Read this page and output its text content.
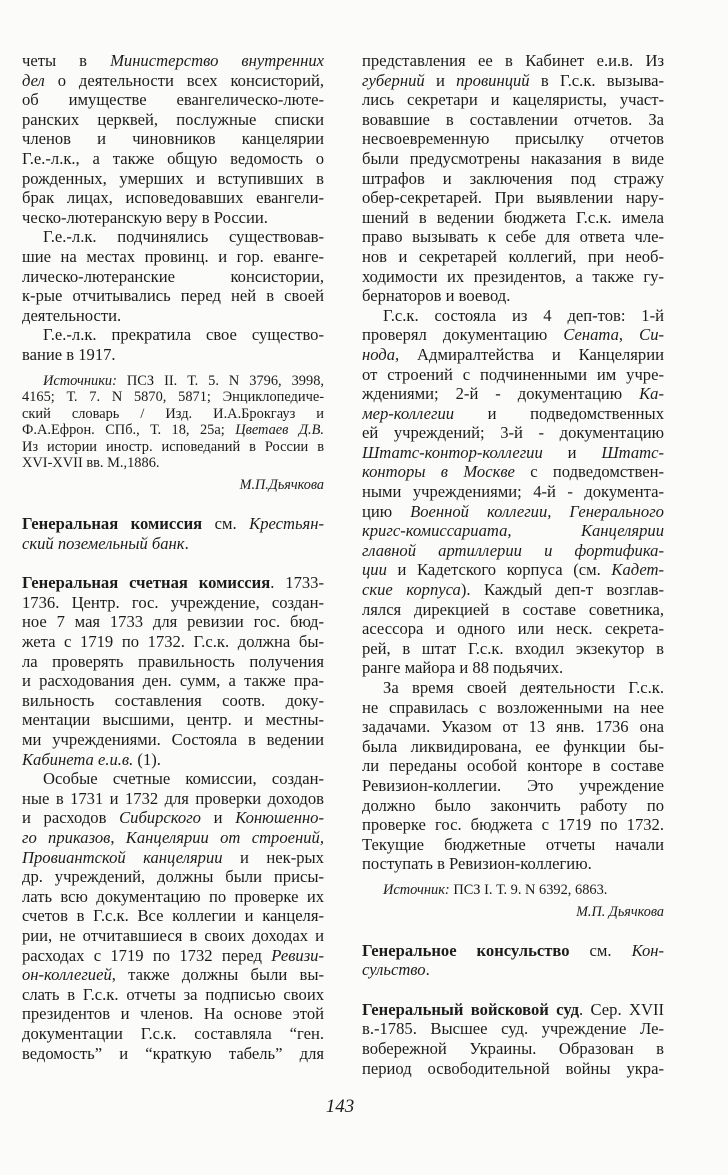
четы в Министерство внутренних
дел о деятельности всех консисторий,
об имуществе евангелическо-люте-
ранских церквей, послужные списки
членов и чиновников канцелярии
Г.е.-л.к., а также общую ведомость о
рожденных, умерших и вступивших в
брак лицах, исповедовавших евангели-
ческо-лютеранскую веру в России.
Г.е.-л.к. подчинялись существовав-
шие на местах провинц. и гор. еванге-
лическо-лютеранские консистории,
к-рые отчитывались перед ней в своей
деятельности.
Г.е.-л.к. прекратила свое существо-
вание в 1917.
Источники: ПСЗ II. Т. 5. N 3796, 3998,
4165; Т. 7. N 5870, 5871; Энциклопедиче-
ский словарь / Изд. И.А.Брокгауз и
Ф.А.Ефрон. СПб., Т. 18, 25а; Цветаев Д.В.
Из истории иностр. исповеданий в России в
XVI-XVII вв. М.,1886.
М.П.Дьячкова
Генеральная комиссия см. Крестьян-
ский поземельный банк.
Генеральная счетная комиссия. 1733-
1736. Центр. гос. учреждение, создан-
ное 7 мая 1733 для ревизии гос. бюд-
жета с 1719 по 1732. Г.с.к. должна бы-
ла проверять правильность получения
и расходования ден. сумм, а также пра-
вильность составления соотв. доку-
ментации высшими, центр. и местны-
ми учреждениями. Состояла в ведении
Кабинета е.и.в. (1).
Особые счетные комиссии, создан-
ные в 1731 и 1732 для проверки доходов
и расходов Сибирского и Конюшенно-
го приказов, Канцелярии от строений,
Провиантской канцелярии и нек-рых
др. учреждений, должны были присы-
лать всю документацию по проверке их
счетов в Г.с.к. Все коллегии и канцеля-
рии, не отчитавшиеся в своих доходах и
расходах с 1719 по 1732 перед Ревизи-
он-коллегией, также должны были вы-
слать в Г.с.к. отчеты за подписью своих
президентов и членов. На основе этой
документации Г.с.к. составляла “ген.
ведомость” и “краткую табель” для
представления ее в Кабинет е.и.в. Из
губерний и провинций в Г.с.к. вызыва-
лись секретари и кацеляристы, участ-
вовавшие в составлении отчетов. За
несвоевременную присылку отчетов
были предусмотрены наказания в виде
штрафов и заключения под стражу
обер-секретарей. При выявлении нару-
шений в ведении бюджета Г.с.к. имела
право вызывать к себе для ответа чле-
нов и секретарей коллегий, при необ-
ходимости их президентов, а также гу-
бернаторов и воевод.
Г.с.к. состояла из 4 деп-тов: 1-й
проверял документацию Сената, Си-
нода, Адмиралтейства и Канцелярии
от строений с подчиненными им учре-
ждениями; 2-й - документацию Ка-
мер-коллегии и подведомственных
ей учреждений; 3-й - документацию
Штатс-контор-коллегии и Штатс-
конторы в Москве с подведомствен-
ными учреждениями; 4-й - документа-
цию Военной коллегии, Генерального
кригс-комиссариата,	Канцелярии
главной артиллерии и фортифика-
ции и Кадетского корпуса (см. Кадет-
ские корпуса). Каждый деп-т возглав-
лялся дирекцией в составе советника,
асессора и одного или неск. секрета-
рей, в штат Г.с.к. входил экзекутор в
ранге майора и 88 подьячих.
За время своей деятельности Г.с.к.
не справилась с возложенными на нее
задачами. Указом от 13 янв. 1736 она
была ликвидирована, ее функции бы-
ли переданы особой конторе в составе
Ревизион-коллегии. Это учреждение
должно было закончить работу по
проверке гос. бюджета с 1719 по 1732.
Текущие бюджетные отчеты начали
поступать в Ревизион-коллегию.
Источник: ПСЗ I. Т. 9. N 6392, 6863.
М.П. Дьячкова
Генеральное консульство см. Кон-
сульство.
Генеральный войсковой суд. Сер. XVII
в.-1785. Высшее суд. учреждение Ле-
вобережной Украины. Образован в
период освободительной войны укра-
143
